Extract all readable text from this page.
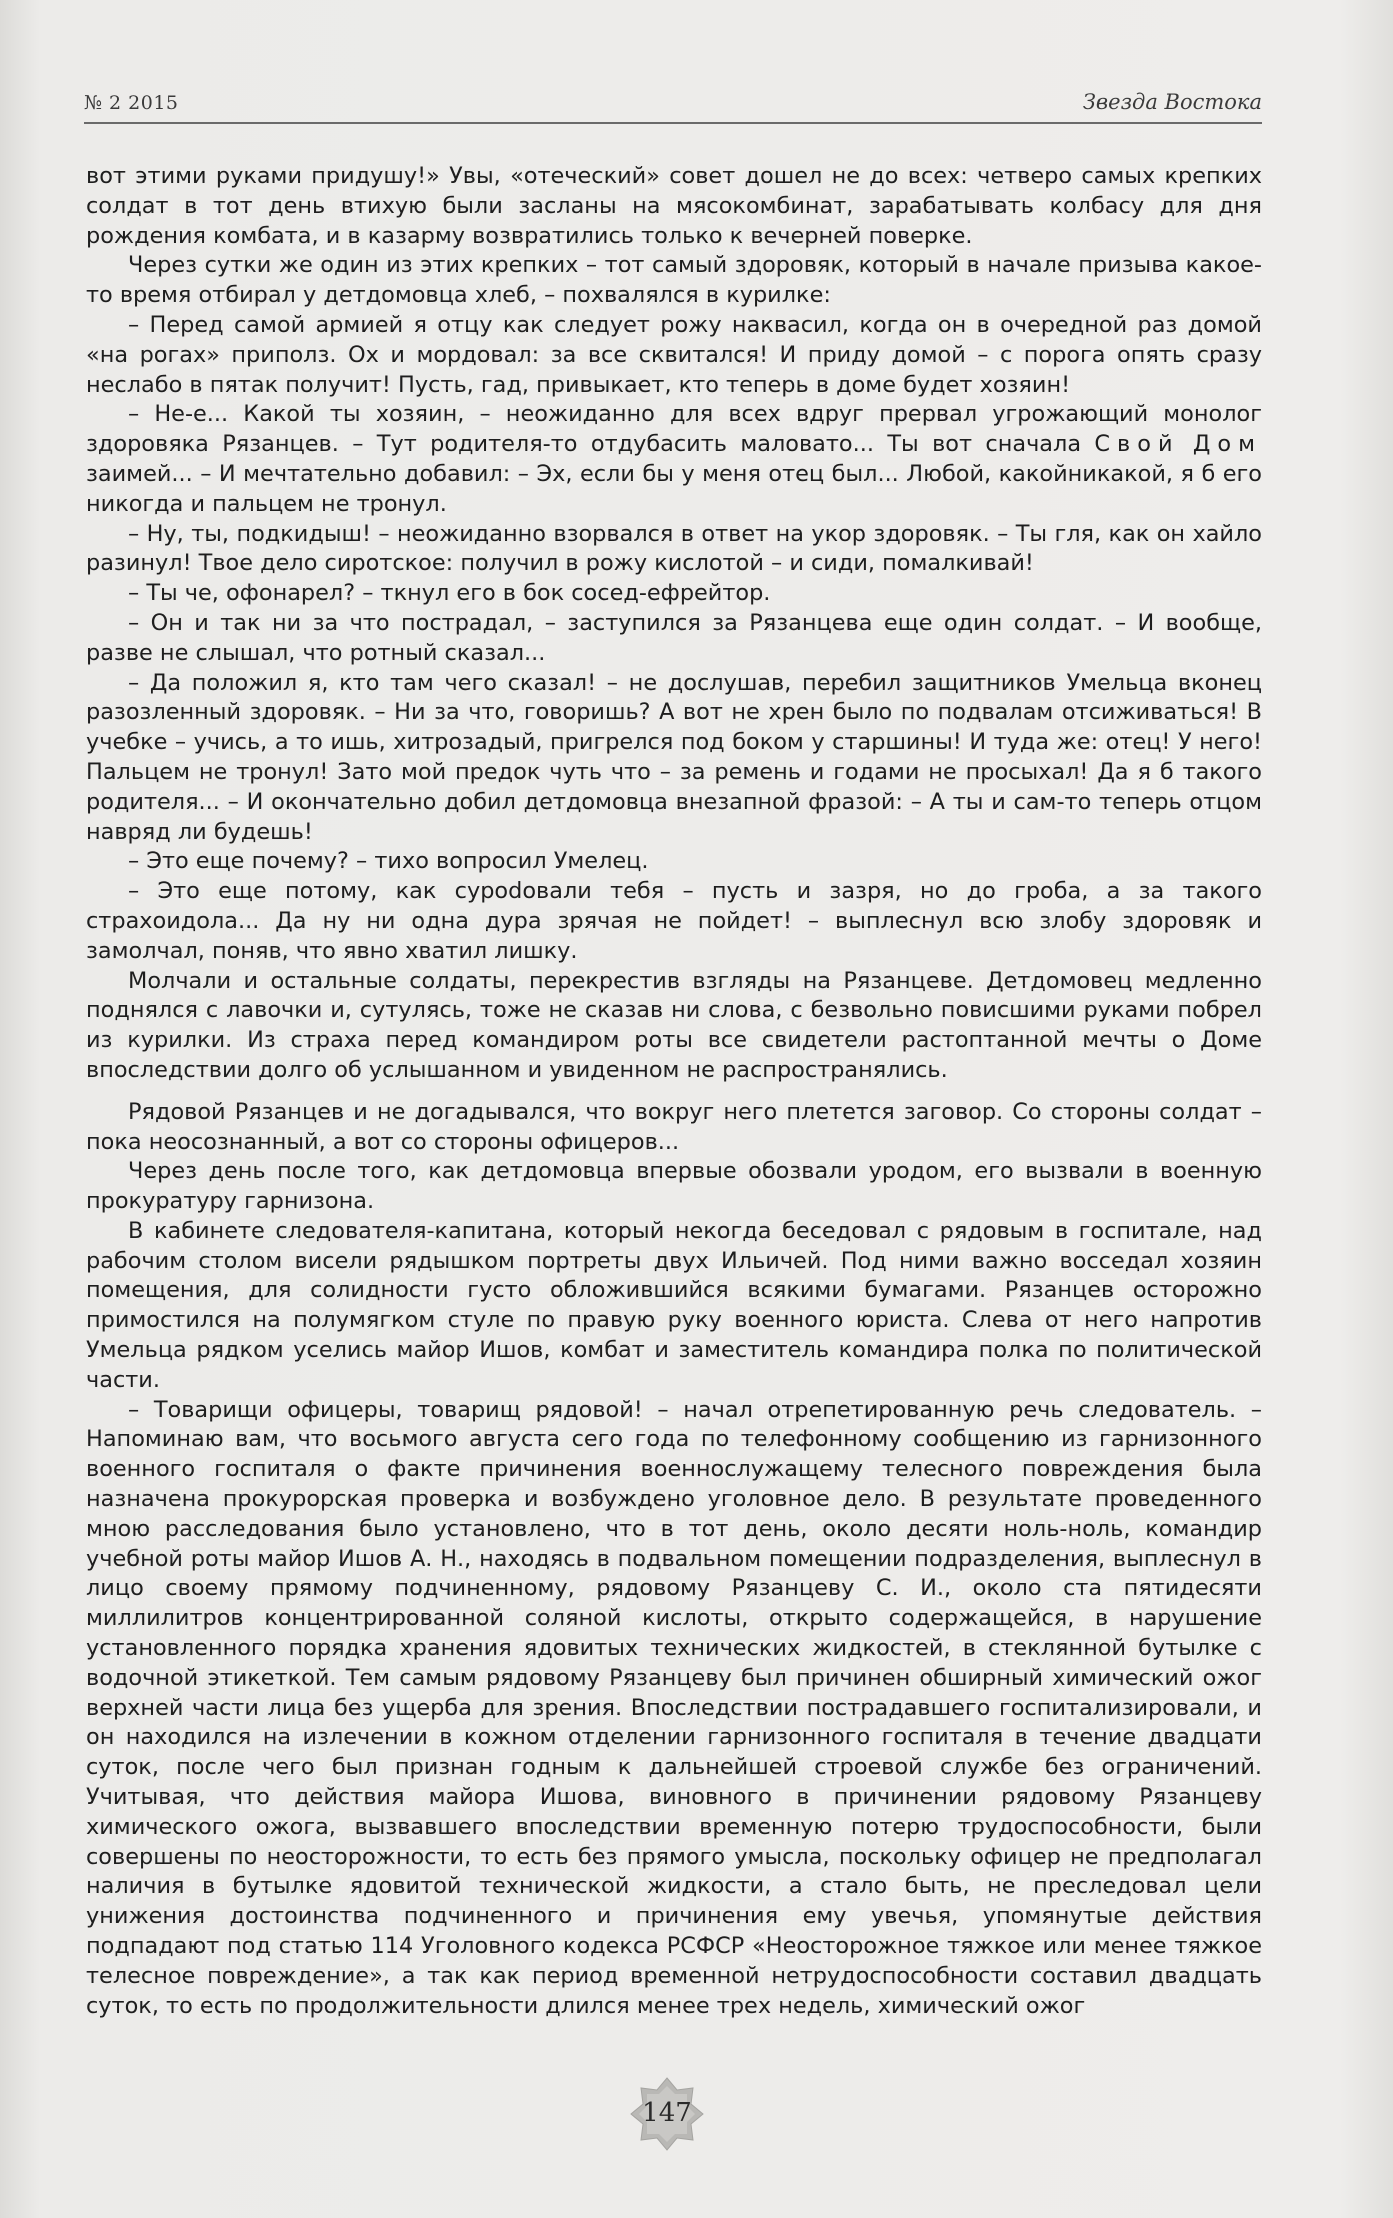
№ 2 2015	Звезда Востока

вот этими руками придушу!» Увы, «отеческий» совет дошел не до всех: четверо самых крепких солдат в тот день втихую были засланы на мясокомбинат, зарабатывать колбасу для дня рождения комбата, и в казарму возвратились только к вечерней поверке.

Через сутки же один из этих крепких – тот самый здоровяк, который в начале призыва какое-то время отбирал у детдомовца хлеб, – похвалялся в курилке:

– Перед самой армией я отцу как следует рожу наквасил, когда он в очередной раз домой «на рогах» приполз. Ох и мордовал: за все сквитался! И приду домой – с порога опять сразу неслабо в пятак получит! Пусть, гад, привыкает, кто теперь в доме будет хозяин!

– Не-е... Какой ты хозяин, – неожиданно для всех вдруг прервал угрожающий монолог здоровяка Рязанцев. – Тут родителя-то отдубасить маловато... Ты вот сначала Свой Дом заимей... – И мечтательно добавил: – Эх, если бы у меня отец был... Любой, какойникакой, я б его никогда и пальцем не тронул.

– Ну, ты, подкидыш! – неожиданно взорвался в ответ на укор здоровяк. – Ты гля, как он хайло разинул! Твое дело сиротское: получил в рожу кислотой – и сиди, помалкивай!

– Ты че, офонарел? – ткнул его в бок сосед-ефрейтор.

– Он и так ни за что пострадал, – заступился за Рязанцева еще один солдат. – И вообще, разве не слышал, что ротный сказал...

– Да положил я, кто там чего сказал! – не дослушав, перебил защитников Умельца вконец разозленный здоровяк. – Ни за что, говоришь? А вот не хрен было по подвалам отсиживаться! В учебке – учись, а то ишь, хитрозадый, пригрелся под боком у старшины! И туда же: отец! У него! Пальцем не тронул! Зато мой предок чуть что – за ремень и годами не просыхал! Да я б такого родителя... – И окончательно добил детдомовца внезапной фразой: – А ты и сам-то теперь отцом навряд ли будешь!

– Это еще почему? – тихо вопросил Умелец.

– Это еще потому, как сурodовали тебя – пусть и зазря, но до гроба, а за такого страхоидола... Да ну ни одна дура зрячая не пойдет! – выплеснул всю злобу здоровяк и замолчал, поняв, что явно хватил лишку.

Молчали и остальные солдаты, перекрестив взгляды на Рязанцеве. Детдомовец медленно поднялся с лавочки и, сутулясь, тоже не сказав ни слова, с безвольно повисшими руками побрел из курилки. Из страха перед командиром роты все свидетели растоптанной мечты о Доме впоследствии долго об услышанном и увиденном не распространялись.

Рядовой Рязанцев и не догадывался, что вокруг него плетется заговор. Со стороны солдат – пока неосознанный, а вот со стороны офицеров...

Через день после того, как детдомовца впервые обозвали уродом, его вызвали в военную прокуратуру гарнизона.

В кабинете следователя-капитана, который некогда беседовал с рядовым в госпитале, над рабочим столом висели рядышком портреты двух Ильичей. Под ними важно восседал хозяин помещения, для солидности густо обложившийся всякими бумагами. Рязанцев осторожно примостился на полумягком стуле по правую руку военного юриста. Слева от него напротив Умельца рядком уселись майор Ишов, комбат и заместитель командира полка по политической части.

– Товарищи офицеры, товарищ рядовой! – начал отрепетированную речь следователь. – Напоминаю вам, что восьмого августа сего года по телефонному сообщению из гарнизонного военного госпиталя о факте причинения военнослужащему телесного повреждения была назначена прокурорская проверка и возбуждено уголовное дело. В результате проведенного мною расследования было установлено, что в тот день, около десяти ноль-ноль, командир учебной роты майор Ишов А. Н., находясь в подвальном помещении подразделения, выплеснул в лицо своему прямому подчиненному, рядовому Рязанцеву С. И., около ста пятидесяти миллилитров концентрированной соляной кислоты, открыто содержащейся, в нарушение установленного порядка хранения ядовитых технических жидкостей, в стеклянной бутылке с водочной этикеткой. Тем самым рядовому Рязанцеву был причинен обширный химический ожог верхней части лица без ущерба для зрения. Впоследствии пострадавшего госпитализировали, и он находился на излечении в кожном отделении гарнизонного госпиталя в течение двадцати суток, после чего был признан годным к дальнейшей строевой службе без ограничений. Учитывая, что действия майора Ишова, виновного в причинении рядовому Рязанцеву химического ожога, вызвавшего впоследствии временную потерю трудоспособности, были совершены по неосторожности, то есть без прямого умысла, поскольку офицер не предполагал наличия в бутылке ядовитой технической жидкости, а стало быть, не преследовал цели унижения достоинства подчиненного и причинения ему увечья, упомянутые действия подпадают под статью 114 Уголовного кодекса РСФСР «Неосторожное тяжкое или менее тяжкое телесное повреждение», а так как период временной нетрудоспособности составил двадцать суток, то есть по продолжительности длился менее трех недель, химический ожог

147
